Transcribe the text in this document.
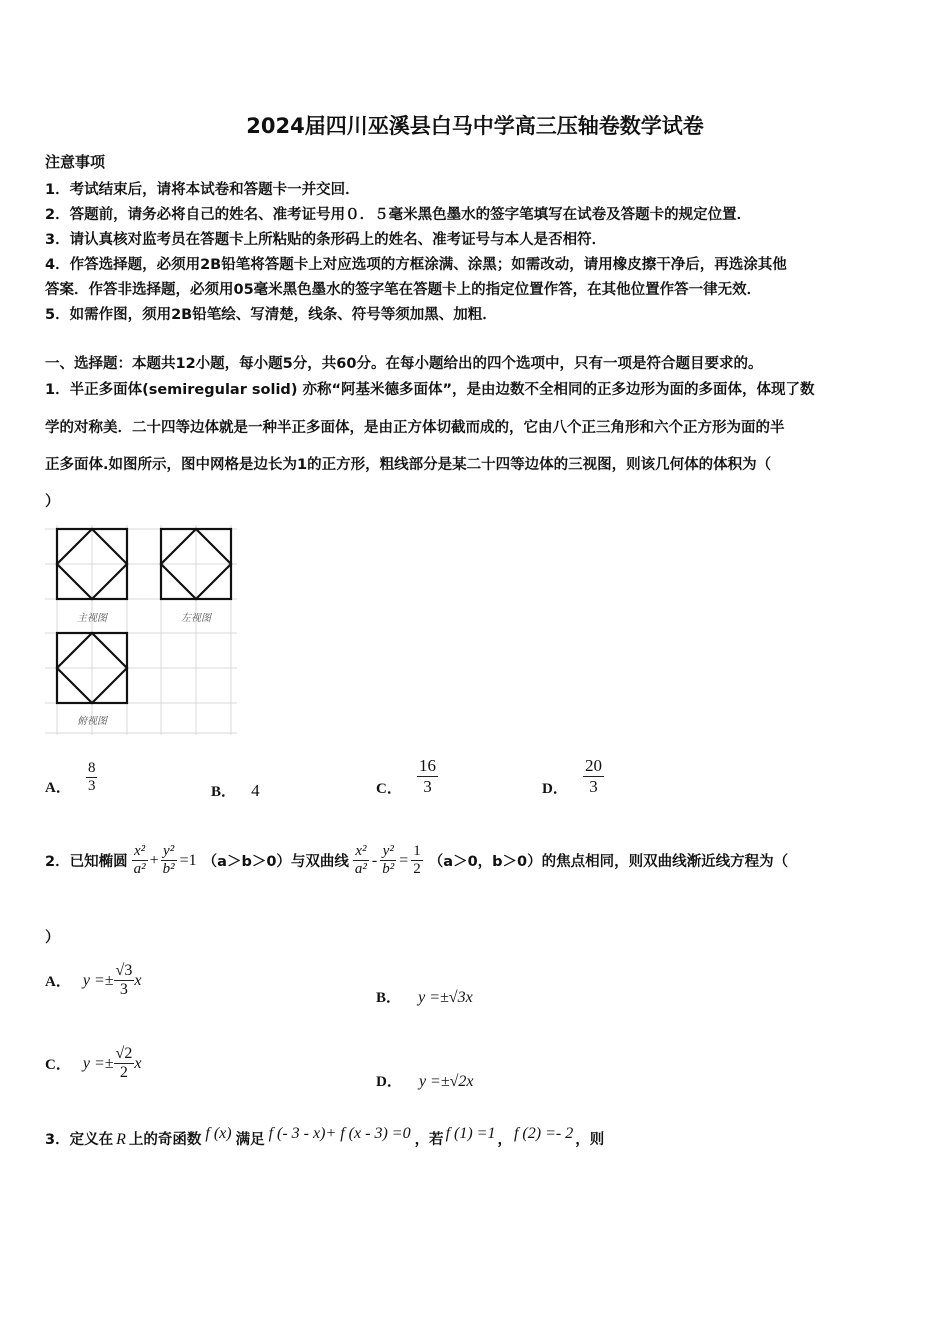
2024届四川巫溪县白马中学高三压轴卷数学试卷
注意事项
1．考试结束后，请将本试卷和答题卡一并交回．
2．答题前，请务必将自己的姓名、准考证号用０．５毫米黑色墨水的签字笔填写在试卷及答题卡的规定位置．
3．请认真核对监考员在答题卡上所粘贴的条形码上的姓名、准考证号与本人是否相符．
4．作答选择题，必须用2B铅笔将答题卡上对应选项的方框涂满、涂黑；如需改动，请用橡皮擦干净后，再选涂其他
答案．作答非选择题，必须用05毫米黑色墨水的签字笔在答题卡上的指定位置作答，在其他位置作答一律无效．
5．如需作图，须用2B铅笔绘、写清楚，线条、符号等须加黑、加粗．
一、选择题：本题共12小题，每小题5分，共60分。在每小题给出的四个选项中，只有一项是符合题目要求的。
1．半正多面体(semiregular solid) 亦称“阿基米德多面体”，是由边数不全相同的正多边形为面的多面体，体现了数
学的对称美．二十四等边体就是一种半正多面体，是由正方体切截而成的，它由八个正三角形和六个正方形为面的半
正多面体.如图所示，图中网格是边长为1的正方形，粗线部分是某二十四等边体的三视图，则该几何体的体积为（
）
主视图	左视图
俯视图
A． $\frac{8}{3}$	B． 4	C． $\frac{16}{3}$	D． $\frac{20}{3}$
2．已知椭圆 $\frac{\text{x²}}{\text{a²}} + \frac{\text{y²}}{\text{b²}} =1$ （a＞b＞0）与双曲线 $\frac{\text{x²}}{\text{a²}} - \frac{\text{y²}}{\text{b²}} = \frac{1}{2} (a>0$，b＞0）的焦点相同，则双曲线渐近线方程为（
）
A． $y =\pm \frac{√3}{3}$ x
B． y =±√3x
C． $y =\pm \frac{√2}{2}$ x
D． y =±√2x
3．定义在 R 上的奇函数 f (x) 满足 f (- 3 - x)+ f (x - 3) =0 ，若 f (1) =1 ， f (2) =- 2 ，则
